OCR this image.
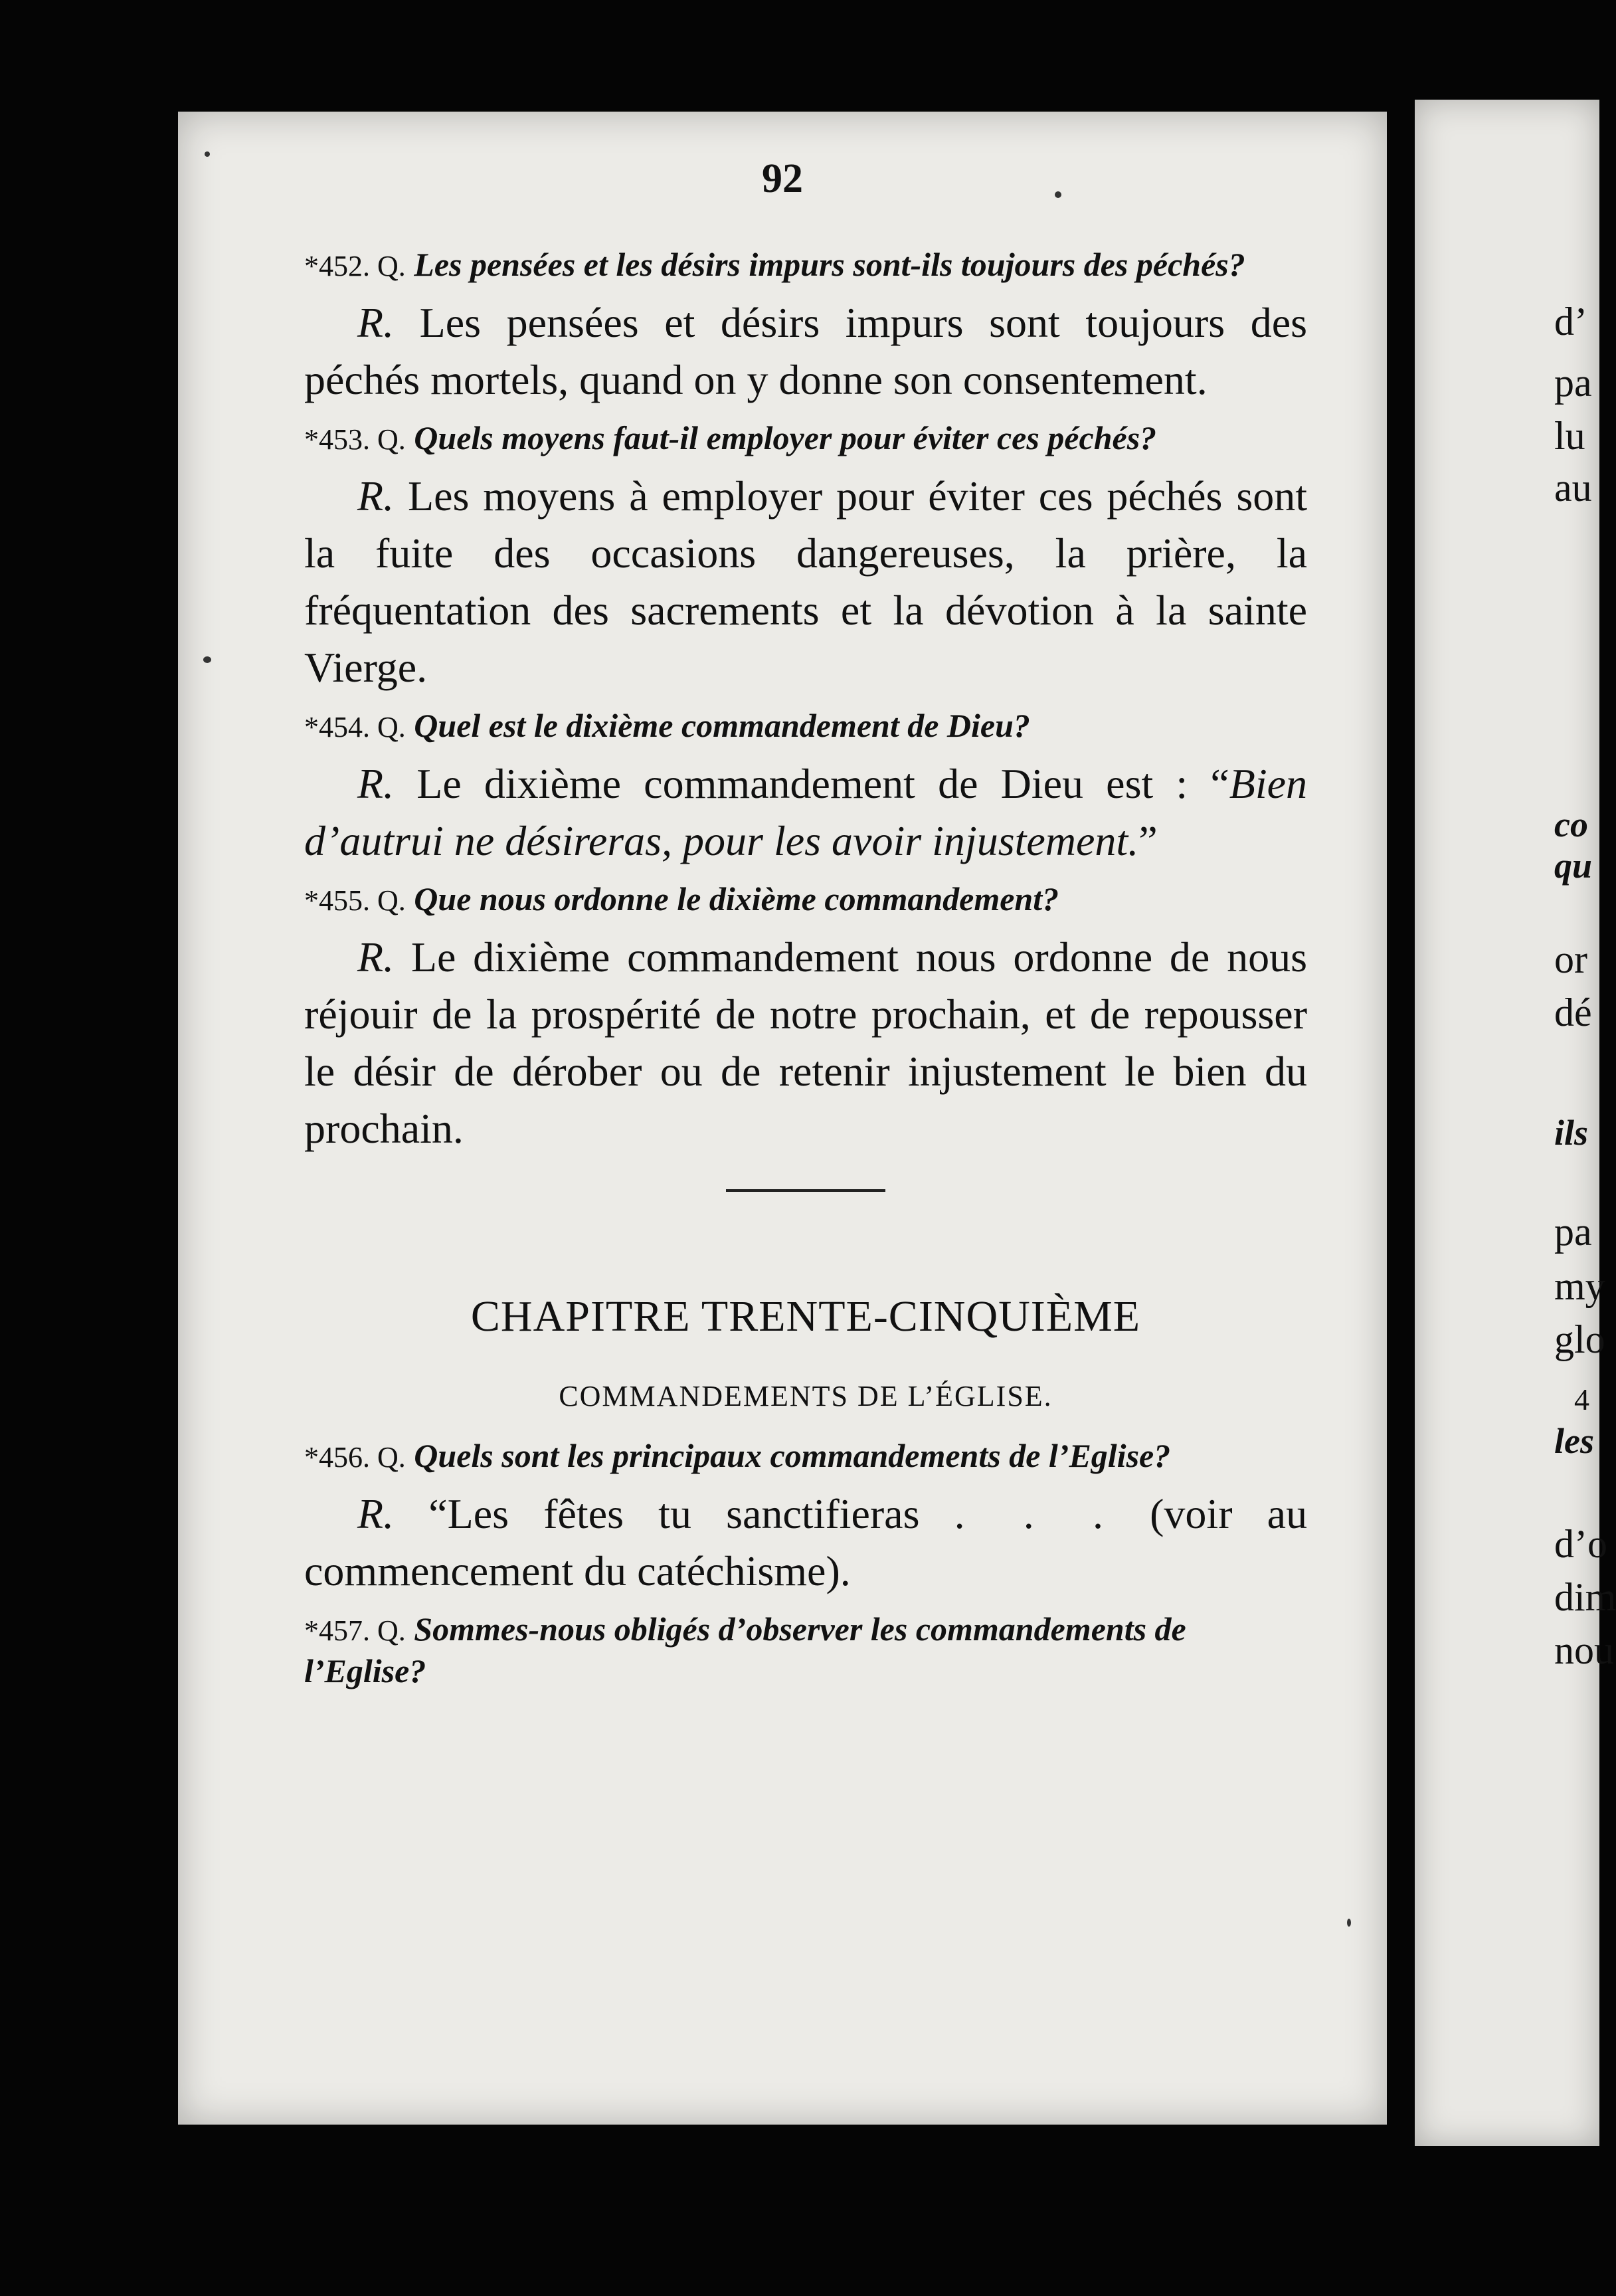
92

*452. Q. Les pensées et les désirs impurs sont-ils toujours des péchés?

R. Les pensées et désirs impurs sont toujours des péchés mortels, quand on y donne son consentement.

*453. Q. Quels moyens faut-il employer pour éviter ces péchés?

R. Les moyens à employer pour éviter ces péchés sont la fuite des occasions dangereuses, la prière, la fréquentation des sacrements et la dévotion à la sainte Vierge.

*454. Q. Quel est le dixième commandement de Dieu?

R. Le dixième commandement de Dieu est : “Bien d’autrui ne désireras, pour les avoir injustement.”

*455. Q. Que nous ordonne le dixième commandement?

R. Le dixième commandement nous ordonne de nous réjouir de la prospérité de notre prochain, et de repousser le désir de dérober ou de retenir injustement le bien du prochain.

CHAPITRE TRENTE-CINQUIÈME
COMMANDEMENTS DE L’ÉGLISE.

*456. Q. Quels sont les principaux commandements de l’Eglise?

R. “Les fêtes tu sanctifieras . . . (voir au commencement du catéchisme).

*457. Q. Sommes-nous obligés d’observer les commandements de l’Eglise?

d’
pa
lu
au
co
qu
or
dé
ils
pa
my
glo
4
les
d’o
dim
nou
